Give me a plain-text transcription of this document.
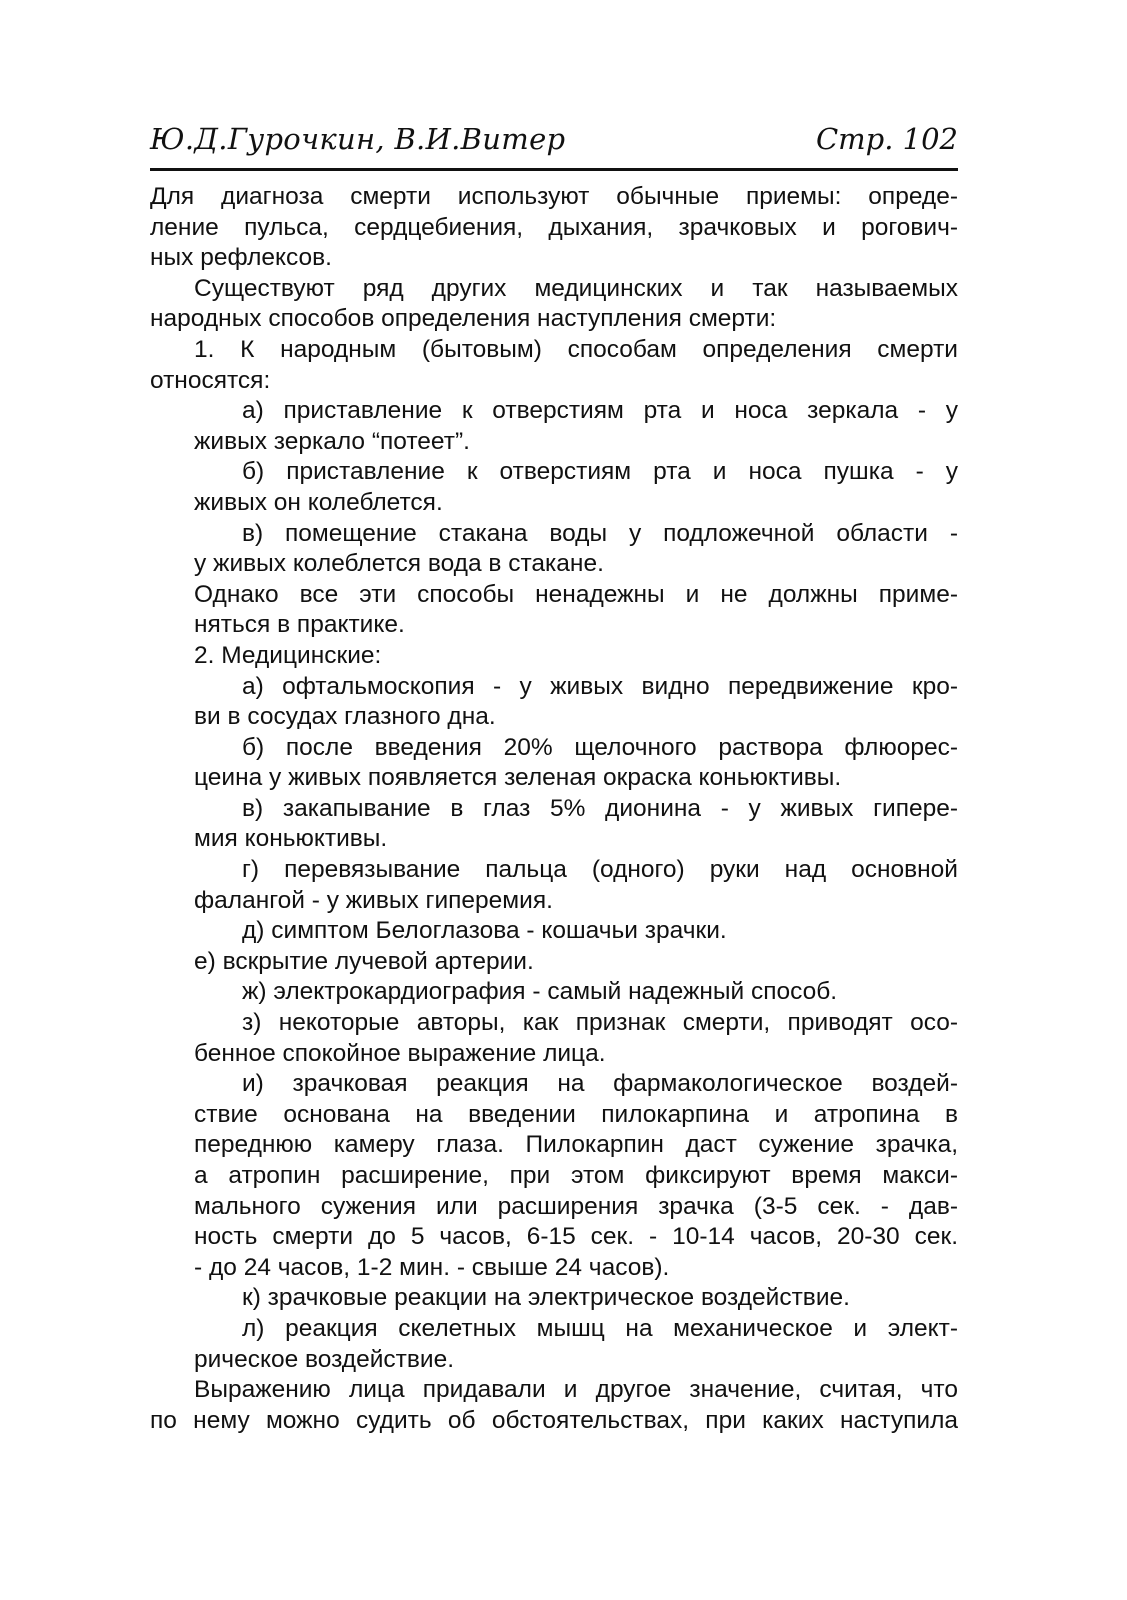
Ю.Д.Гурочкин, В.И.Витер	Стр. 102
Для диагноза смерти используют обычные приемы: опреде-
ление пульса, сердцебиения, дыхания, зрачковых и рогович-
ных рефлексов.
Существуют ряд других медицинских и так называемых
народных способов определения наступления смерти:
1. К народным (бытовым) способам определения смерти
относятся:
а) приставление к отверстиям рта и носа зеркала - у
живых зеркало “потеет”.
б) приставление к отверстиям рта и носа пушка - у
живых он колеблется.
в) помещение стакана воды у подложечной области -
у живых колеблется вода в стакане.
Однако все эти способы ненадежны и не должны приме-
няться в практике.
2. Медицинские:
а) офтальмоскопия - у живых видно передвижение кро-
ви в сосудах глазного дна.
б) после введения 20% щелочного раствора флюорес-
цеина у живых появляется зеленая окраска коньюктивы.
в) закапывание в глаз 5% дионина - у живых гипере-
мия коньюктивы.
г) перевязывание пальца (одного) руки над основной
фалангой - у живых гиперемия.
д) симптом Белоглазова - кошачьи зрачки.
е) вскрытие лучевой артерии.
ж) электрокардиография - самый надежный способ.
з) некоторые авторы, как признак смерти, приводят осо-
бенное спокойное выражение лица.
и) зрачковая реакция на фармакологическое воздей-
ствие основана на введении пилокарпина и атропина в
переднюю камеру глаза. Пилокарпин даст сужение зрачка,
а атропин расширение, при этом фиксируют время макси-
мального сужения или расширения зрачка (3-5 сек. - дав-
ность смерти до 5 часов, 6-15 сек. - 10-14 часов, 20-30 сек.
- до 24 часов, 1-2 мин. - свыше 24 часов).
к) зрачковые реакции на электрическое воздействие.
л) реакция скелетных мышц на механическое и элект-
рическое воздействие.
Выражению лица придавали и другое значение, считая, что
по нему можно судить об обстоятельствах, при каких наступила
